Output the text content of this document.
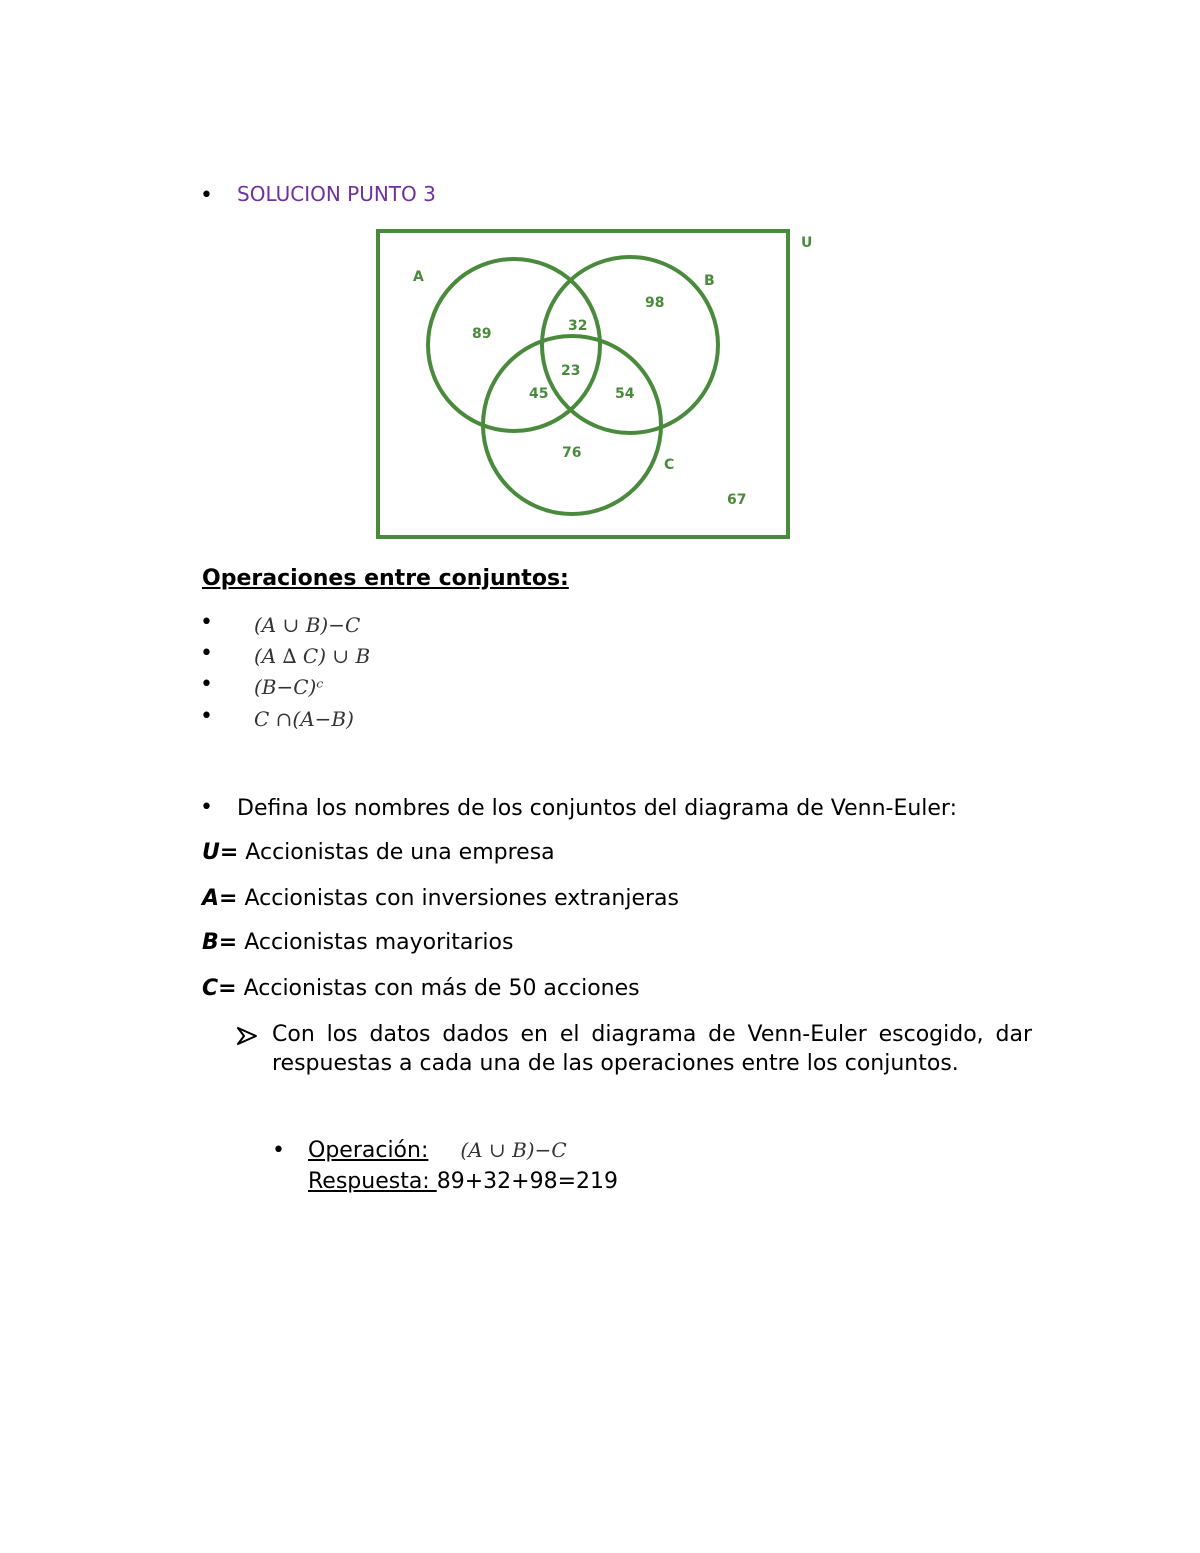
• SOLUCION PUNTO 3
U
A	B
C
89	32
98
23
45	54
76
67
Operaciones entre conjuntos:
• (A ∪ B)−C
• (A ∆ C) ∪ B
• (B−C)ᶜ
• C ∩(A−B)
• Defina los nombres de los conjuntos del diagrama de Venn-Euler:
U= Accionistas de una empresa
A= Accionistas con inversiones extranjeras
B= Accionistas mayoritarios
C= Accionistas con más de 50 acciones
Con los datos dados en el diagrama de Venn-Euler escogido, dar respuestas a cada una de las operaciones entre los conjuntos.
• Operación: (A ∪ B)−C
Respuesta: 89+32+98=219
